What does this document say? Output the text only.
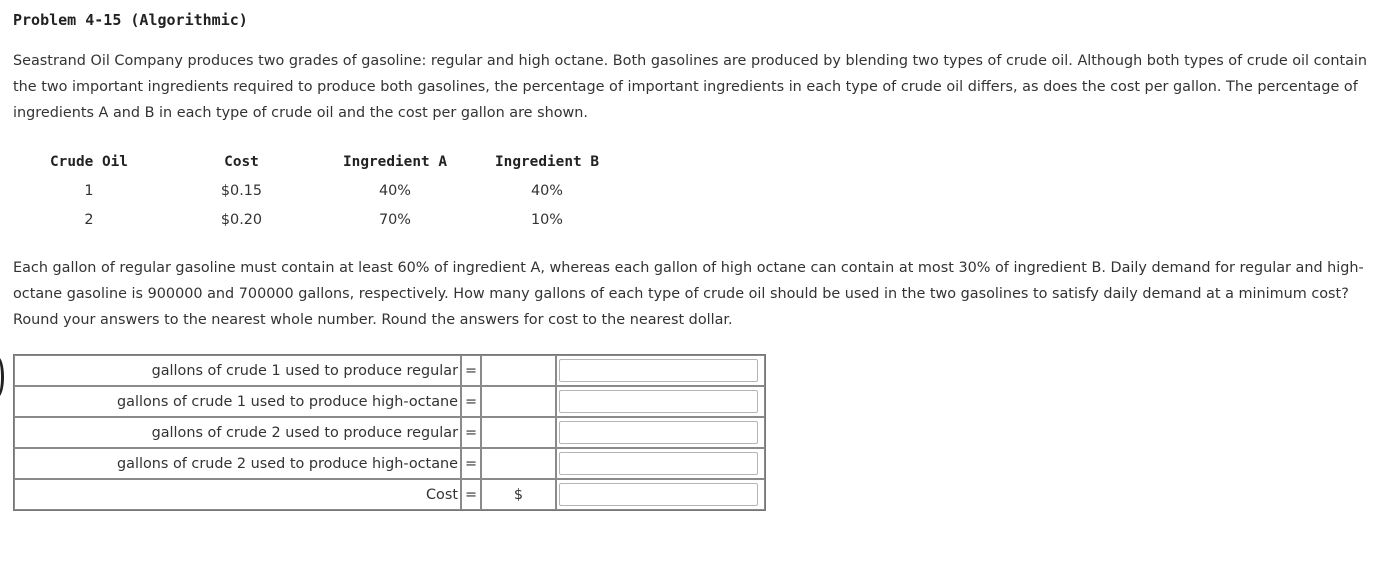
Problem 4-15 (Algorithmic)

Seastrand Oil Company produces two grades of gasoline: regular and high octane. Both gasolines are produced by blending two types of crude oil. Although both types of crude oil contain the two important ingredients required to produce both gasolines, the percentage of important ingredients in each type of crude oil differs, as does the cost per gallon. The percentage of ingredients A and B in each type of crude oil and the cost per gallon are shown.

Crude Oil	Cost	Ingredient A	Ingredient B
1	$0.15	40%	40%
2	$0.20	70%	10%

Each gallon of regular gasoline must contain at least 60% of ingredient A, whereas each gallon of high octane can contain at most 30% of ingredient B. Daily demand for regular and high-octane gasoline is 900000 and 700000 gallons, respectively. How many gallons of each type of crude oil should be used in the two gasolines to satisfy daily demand at a minimum cost? Round your answers to the nearest whole number. Round the answers for cost to the nearest dollar.

gallons of crude 1 used to produce regular	=		

gallons of crude 1 used to produce high-octane	=		

gallons of crude 2 used to produce regular	=		

gallons of crude 2 used to produce high-octane	=		

Cost	=	$	
